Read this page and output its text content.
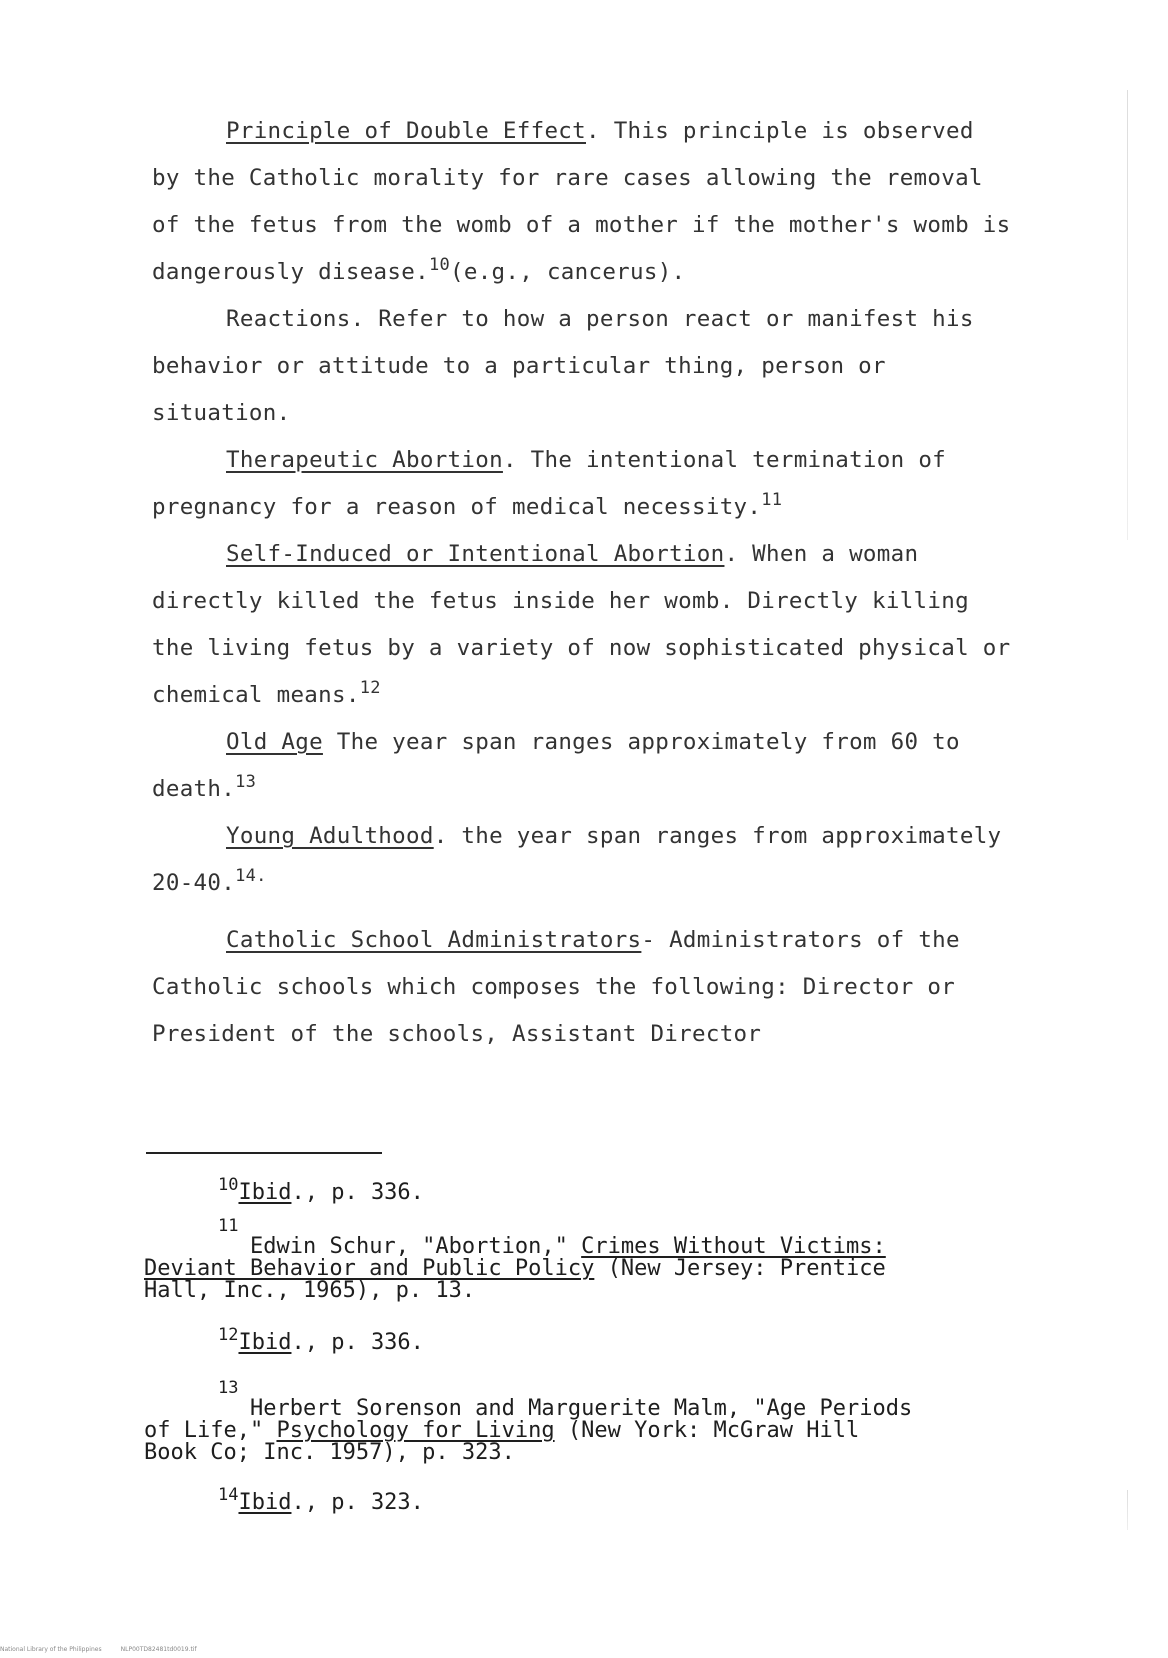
Principle of Double Effect. This principle is observed by the Catholic morality for rare cases allowing the removal of the fetus from the womb of a mother if the mother's womb is dangerously disease.$^{10}$(e.g., cancerus).

Reactions. Refer to how a person react or manifest his behavior or attitude to a particular thing, person or situation.

Therapeutic Abortion. The intentional termination of pregnancy for a reason of medical necessity.$^{11}$

Self-Induced or Intentional Abortion. When a woman directly killed the fetus inside her womb. Directly killing the living fetus by a variety of now sophisticated physical or chemical means.$^{12}$

Old Age The year span ranges approximately from 60 to death.$^{13}$

Young Adulthood. the year span ranges from approximately 20-40.$^{14.}$

Catholic School Administrators- Administrators of the Catholic schools which composes the following: Director or President of the schools, Assistant Director

$^{10}$Ibid., p. 336.

11
Edwin Schur, "Abortion," Crimes Without Victims:
Deviant Behavior and Public Policy (New Jersey: Prentice
Hall, Inc., 1965), p. 13.

$^{12}$Ibid., p. 336.

13
Herbert Sorenson and Marguerite Malm, "Age Periods
of Life," Psychology for Living (New York: McGraw Hill
Book Co; Inc. 1957), p. 323.

$^{14}$Ibid., p. 323.

National Library of the Philippines	NLP00TD82481td0019.tif
